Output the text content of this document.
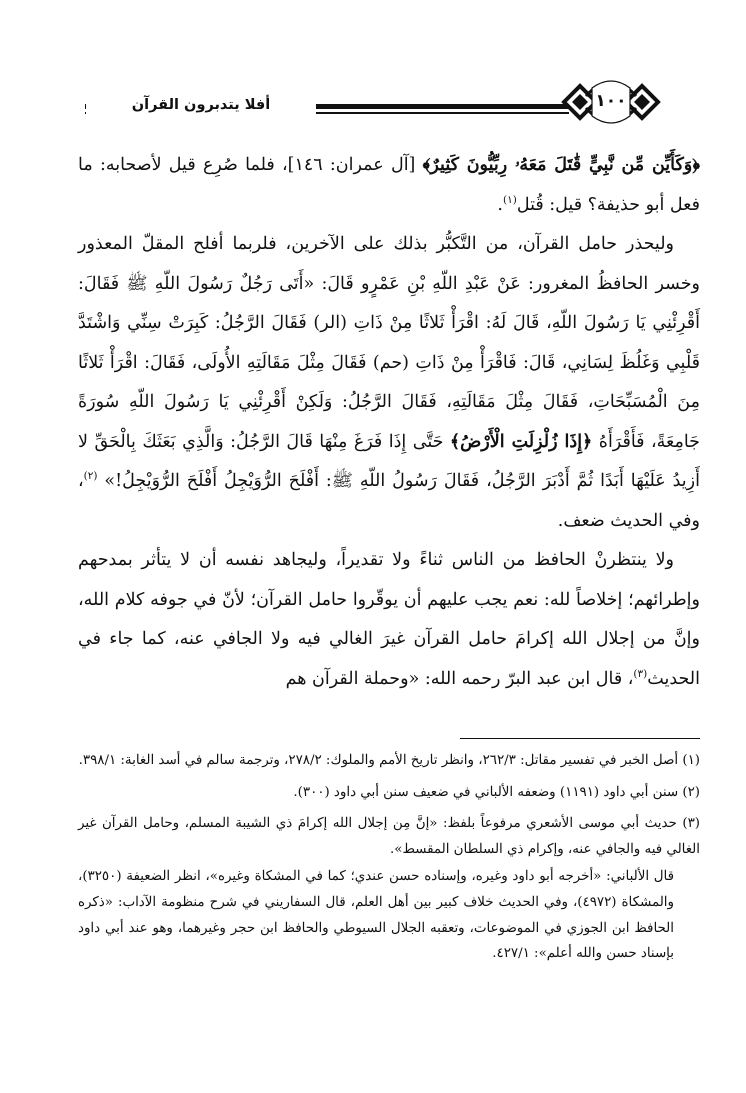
أفلا يتدبرون القرآن	١٠٠

﴿وَكَأَيِّن مِّن نَّبِيٍّ قَٰتَلَ مَعَهُۥ رِبِّيُّونَ كَثِيرٌ﴾ [آل عمران: ١٤٦]، فلما صُرِع قيل لأصحابه: ما فعل أبو حذيفة؟ قيل: قُتل$^{(١)}$.

وليحذر حامل القرآن، من التَّكبُّر بذلك على الآخرين، فلربما أفلح المقلّ المعذور وخسر الحافظُ المغرور: عَنْ عَبْدِ اللّهِ بْنِ عَمْرٍو قَالَ: «أَتَى رَجُلٌ رَسُولَ اللّهِ ﷺ فَقَالَ: أَقْرِئْنِي يَا رَسُولَ اللّهِ، قَالَ لَهُ: اقْرَأْ ثَلاثًا مِنْ ذَاتِ (الر) فَقَالَ الرَّجُلُ: كَبِرَتْ سِنِّي وَاشْتَدَّ قَلْبِي وَغَلُظَ لِسَانِي، قَالَ: فَاقْرَأْ مِنْ ذَاتِ (حم) فَقَالَ مِثْلَ مَقَالَتِهِ الأُولَى، فَقَالَ: اقْرَأْ ثَلاثًا مِنَ الْمُسَبِّحَاتِ، فَقَالَ مِثْلَ مَقَالَتِهِ، فَقَالَ الرَّجُلُ: وَلَكِنْ أَقْرِئْنِي يَا رَسُولَ اللّهِ سُورَةً جَامِعَةً، فَأَقْرَأَهُ ﴿إِذَا زُلْزِلَتِ الْأَرْضُ﴾ حَتَّى إِذَا فَرَغَ مِنْهَا قَالَ الرَّجُلُ: وَالَّذِي بَعَثَكَ بِالْحَقِّ لا أَزِيدُ عَلَيْهَا أَبَدًا ثُمَّ أَدْبَرَ الرَّجُلُ، فَقَالَ رَسُولُ اللّهِ ﷺ: أَفْلَحَ الرُّوَيْجِلُ أَفْلَحَ الرُّوَيْجِلُ!» $^{(٢)}$، وفي الحديث ضعف.

ولا ينتظرنْ الحافظ من الناس ثناءً ولا تقديراً، وليجاهد نفسه أن لا يتأثر بمدحهم وإطرائهم؛ إخلاصاً لله: نعم يجب عليهم أن يوقّروا حامل القرآن؛ لأنّ في جوفه كلام الله، وإنَّ من إجلال الله إكرامَ حامل القرآن غيرَ الغالي فيه ولا الجافي عنه، كما جاء في الحديث$^{(٣)}$، قال ابن عبد البرّ رحمه الله: «وحملة القرآن هم

(١) أصل الخبر في تفسير مقاتل: ٢٦٢/٣، وانظر تاريخ الأمم والملوك: ٢٧٨/٢، وترجمة سالم في أسد الغابة: ٣٩٨/١.

(٢) سنن أبي داود (١١٩١) وضعفه الألباني في ضعيف سنن أبي داود (٣٠٠).

(٣) حديث أبي موسى الأشعري مرفوعاً بلفظ: «إنَّ مِن إجلال الله إكرامَ ذي الشيبة المسلم، وحامل القرآن غير الغالي فيه والجافي عنه، وإكرام ذي السلطان المقسط».

قال الألباني: «أخرجه أبو داود وغيره، وإسناده حسن عندي؛ كما في المشكاة وغيره»، انظر الضعيفة (٣٢٥٠)، والمشكاة (٤٩٧٢)، وفي الحديث خلاف كبير بين أهل العلم، قال السفاريني في شرح منظومة الآداب: «ذكره الحافظ ابن الجوزي في الموضوعات، وتعقبه الجلال السيوطي والحافظ ابن حجر وغيرهما، وهو عند أبي داود بإسناد حسن والله أعلم»: ٤٢٧/١.
